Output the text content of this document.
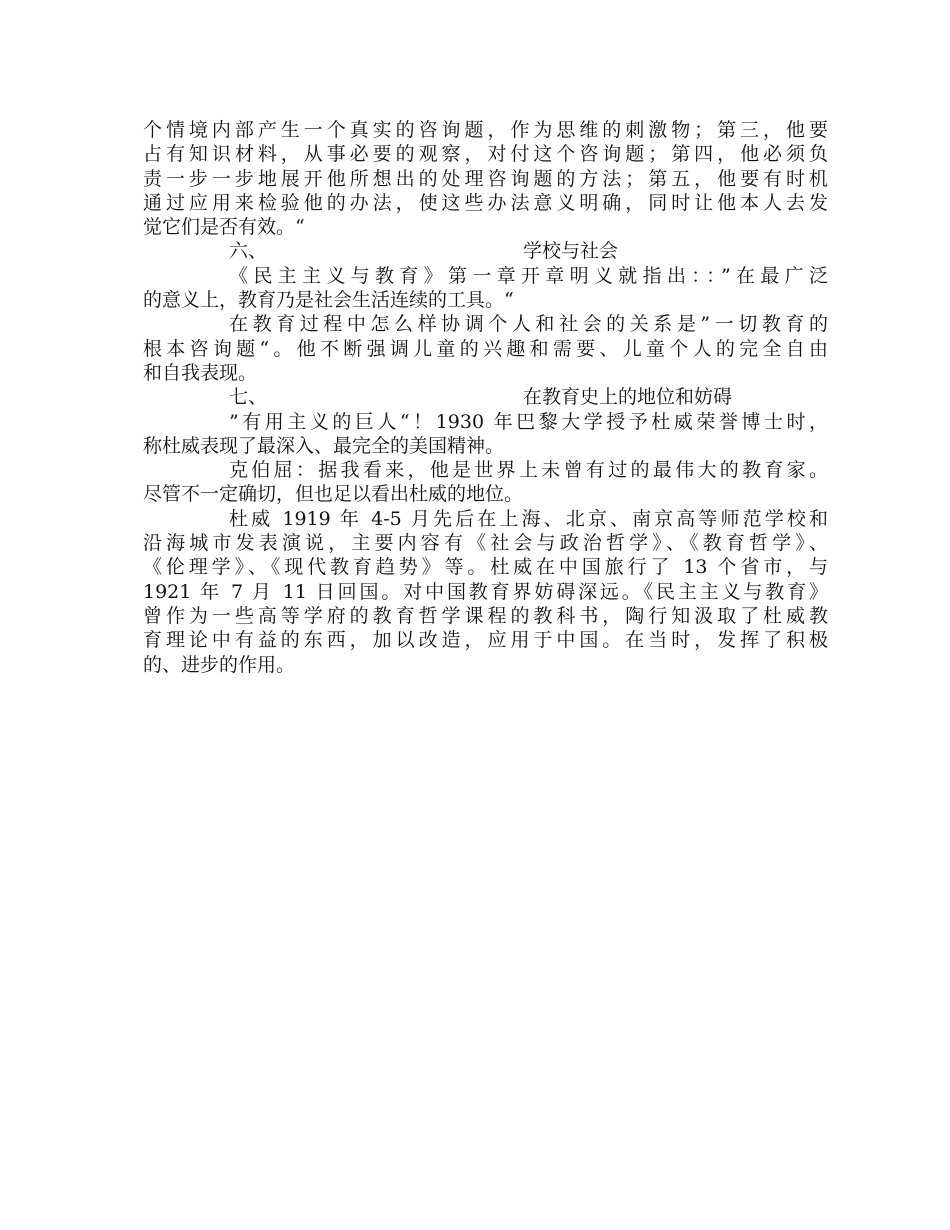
个情境内部产生一个真实的咨询题，作为思维的刺激物；第三，他要
占有知识材料，从事必要的观察，对付这个咨询题；第四，他必须负
责一步一步地展开他所想出的处理咨询题的方法；第五，他要有时机
通过应用来检验他的办法，使这些办法意义明确，同时让他本人去发
觉它们是否有效。“
六、	学校与社会
《民主主义与教育》第一章开章明义就指出：：”在最广泛
的意义上，教育乃是社会生活连续的工具。“
在教育过程中怎么样协调个人和社会的关系是”一切教育的
根本咨询题“。他不断强调儿童的兴趣和需要、儿童个人的完全自由
和自我表现。
七、	在教育史上的地位和妨碍
”有用主义的巨人“！1930 年巴黎大学授予杜威荣誉博士时，
称杜威表现了最深入、最完全的美国精神。
克伯屈：据我看来，他是世界上未曾有过的最伟大的教育家。
尽管不一定确切，但也足以看出杜威的地位。
杜威 1919 年 4-5 月先后在上海、北京、南京高等师范学校和
沿海城市发表演说，主要内容有《社会与政治哲学》、《教育哲学》、
《伦理学》、《现代教育趋势》等。杜威在中国旅行了 13 个省市，与
1921 年 7 月 11 日回国。对中国教育界妨碍深远。《民主主义与教育》
曾作为一些高等学府的教育哲学课程的教科书，陶行知汲取了杜威教
育理论中有益的东西，加以改造，应用于中国。在当时，发挥了积极
的、进步的作用。
